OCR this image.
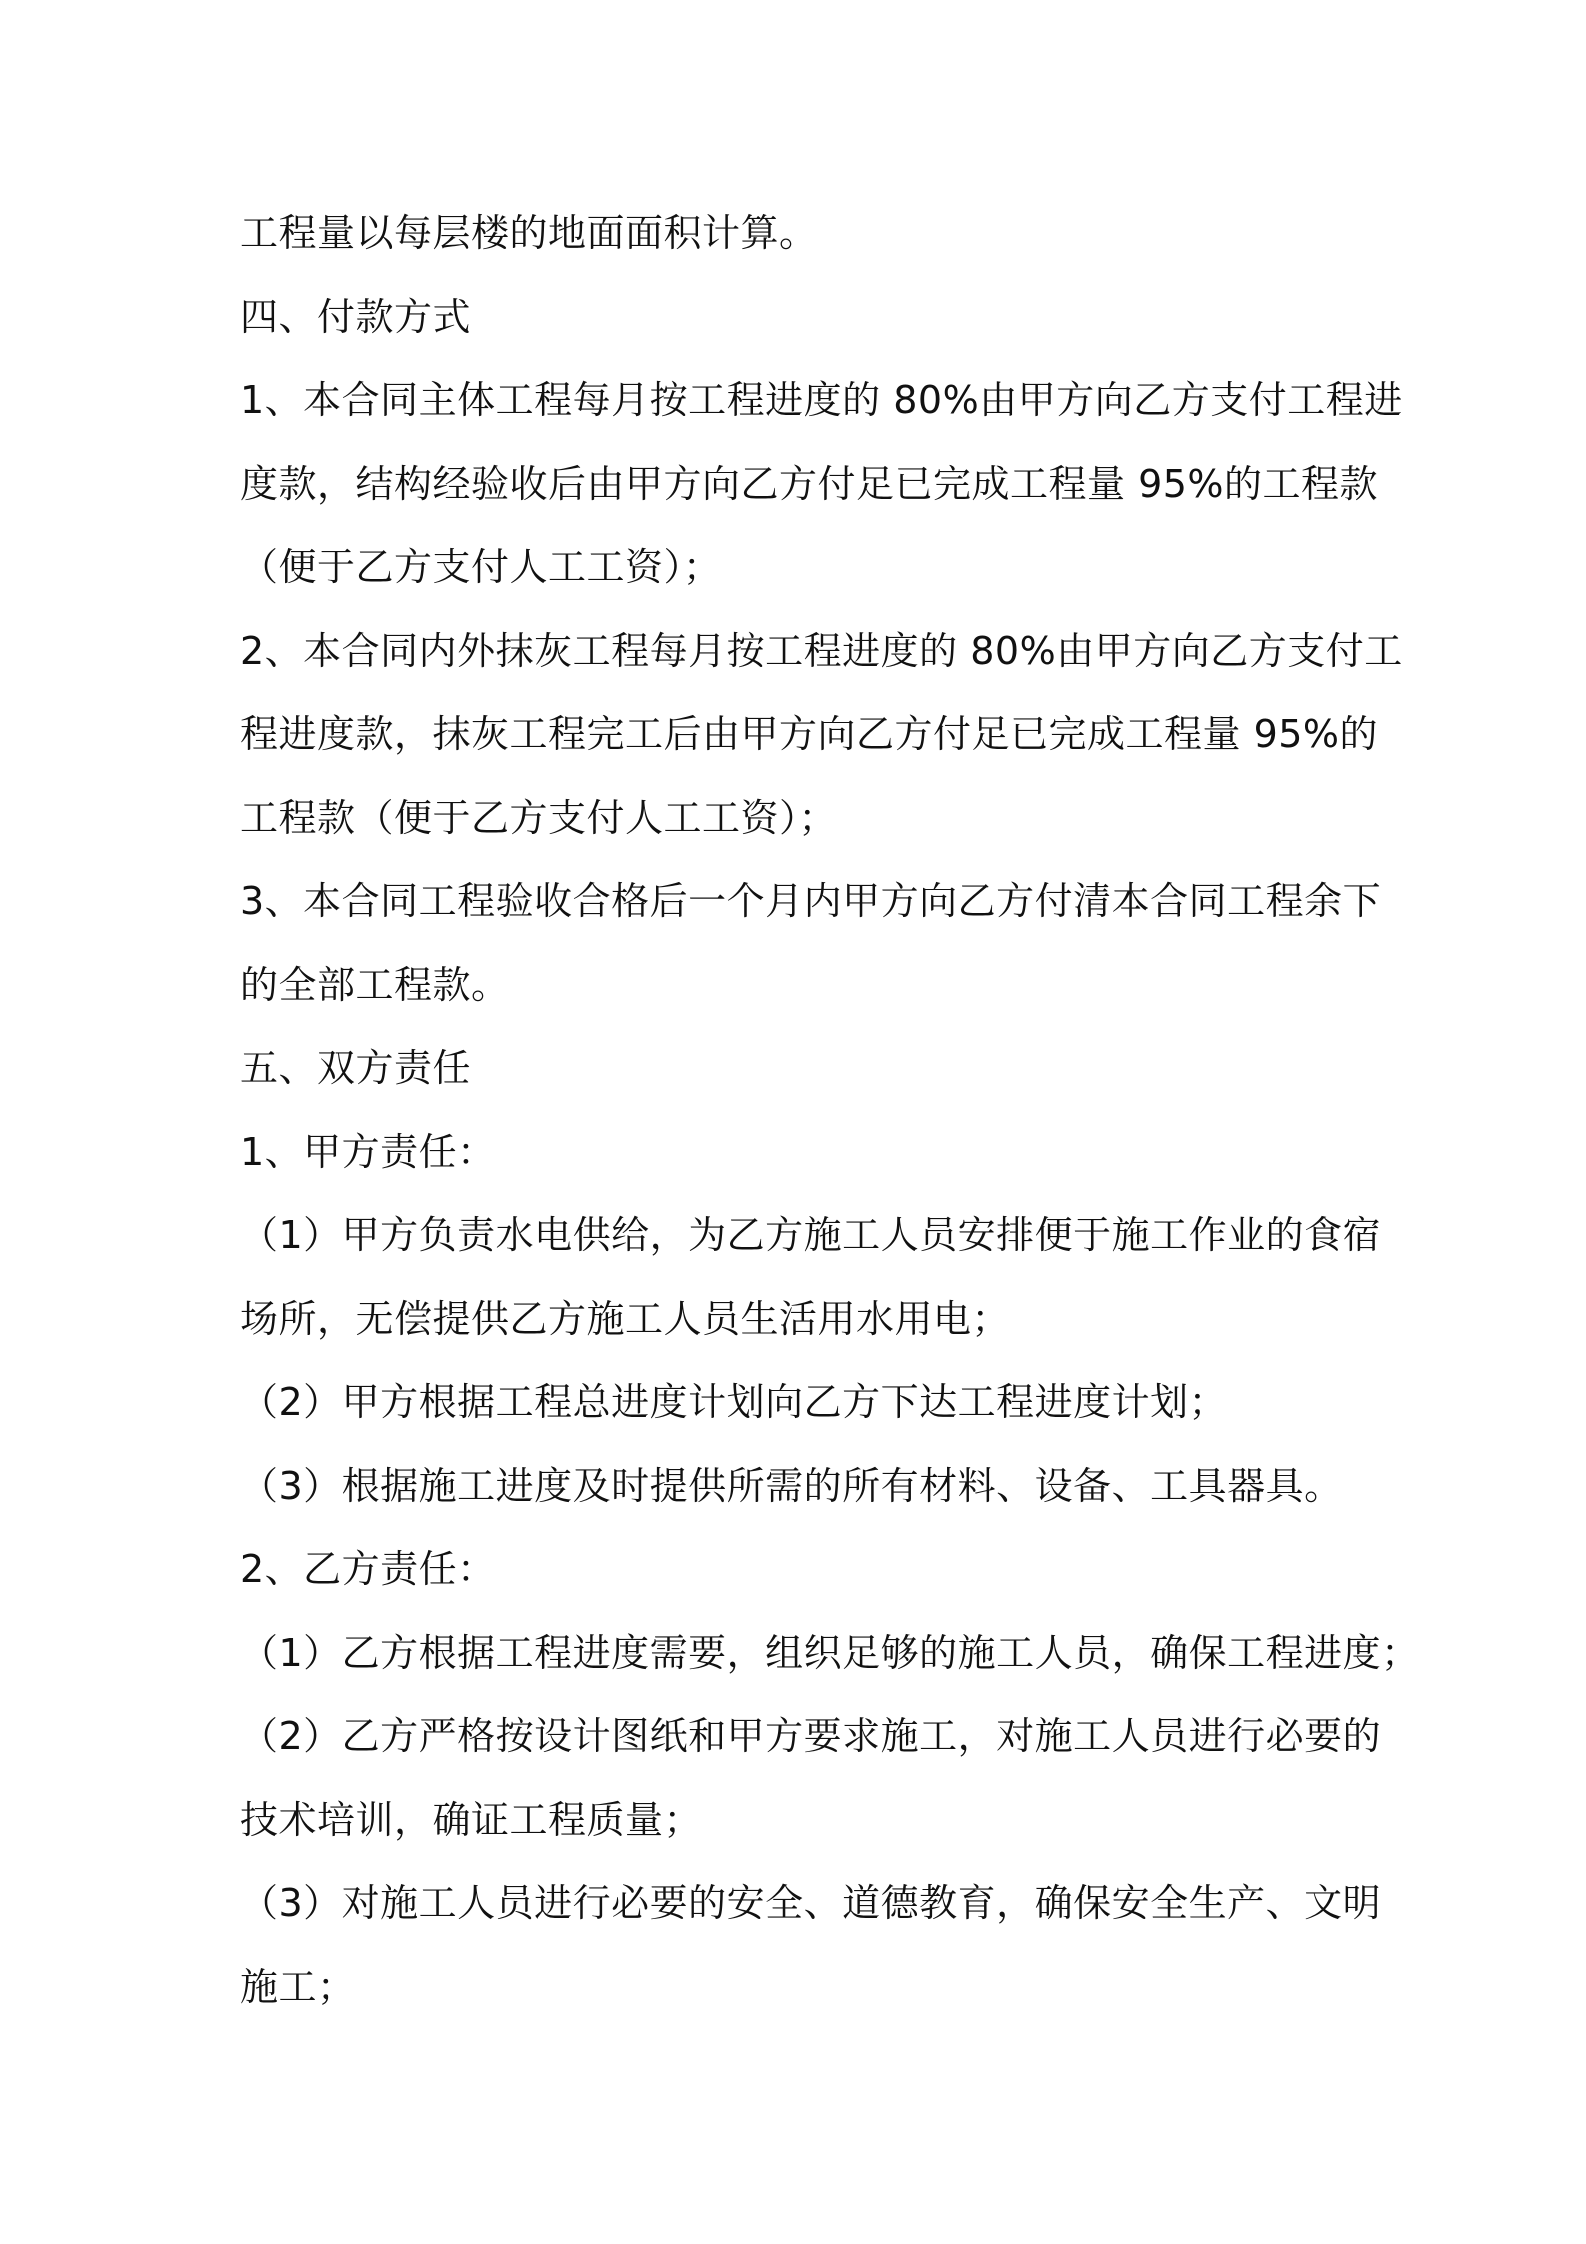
工程量以每层楼的地面面积计算。
四、付款方式
1、本合同主体工程每月按工程进度的 80%由甲方向乙方支付工程进
度款，结构经验收后由甲方向乙方付足已完成工程量 95%的工程款
（便于乙方支付人工工资）；
2、本合同内外抹灰工程每月按工程进度的 80%由甲方向乙方支付工
程进度款，抹灰工程完工后由甲方向乙方付足已完成工程量 95%的
工程款（便于乙方支付人工工资）；
3、本合同工程验收合格后一个月内甲方向乙方付清本合同工程余下
的全部工程款。
五、双方责任
1、甲方责任：
（1）甲方负责水电供给，为乙方施工人员安排便于施工作业的食宿
场所，无偿提供乙方施工人员生活用水用电；
（2）甲方根据工程总进度计划向乙方下达工程进度计划；
（3）根据施工进度及时提供所需的所有材料、设备、工具器具。
2、乙方责任：
（1）乙方根据工程进度需要，组织足够的施工人员，确保工程进度；
（2）乙方严格按设计图纸和甲方要求施工，对施工人员进行必要的
技术培训，确证工程质量；
（3）对施工人员进行必要的安全、道德教育，确保安全生产、文明
施工；
